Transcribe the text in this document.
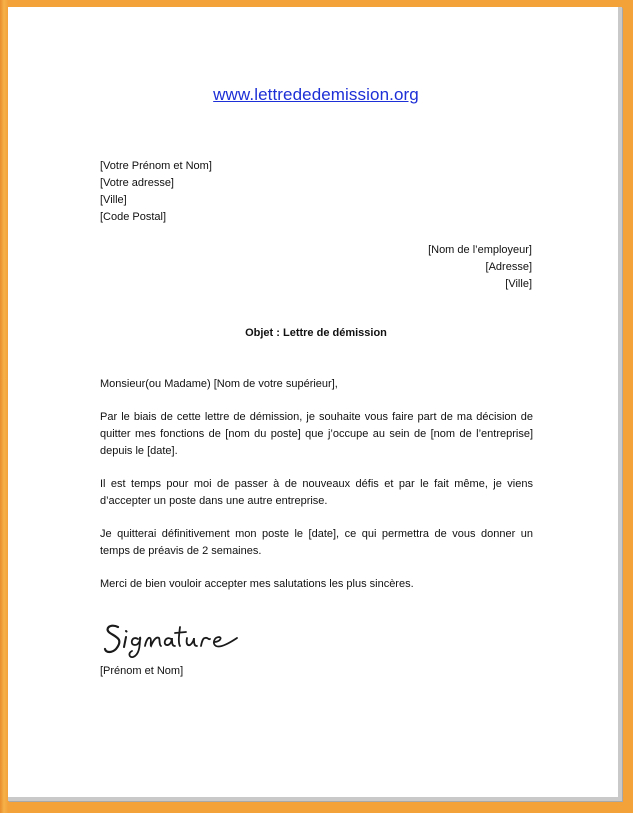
www.lettrededemission.org
[Votre Prénom et Nom]
[Votre adresse]
[Ville]
[Code Postal]
[Nom de l’employeur]
[Adresse]
[Ville]
Objet : Lettre de démission

Monsieur(ou Madame) [Nom de votre supérieur],

Par le biais de cette lettre de démission, je souhaite vous faire part de ma décision de quitter mes fonctions de [nom du poste] que j’occupe au sein de [nom de l’entreprise] depuis le [date].

Il est temps pour moi de passer à de nouveaux défis et par le fait même, je viens d’accepter un poste dans une autre entreprise.

Je quitterai définitivement mon poste le [date], ce qui permettra de vous donner un temps de préavis de 2 semaines.

Merci de bien vouloir accepter mes salutations les plus sincères.

[Prénom et Nom]
